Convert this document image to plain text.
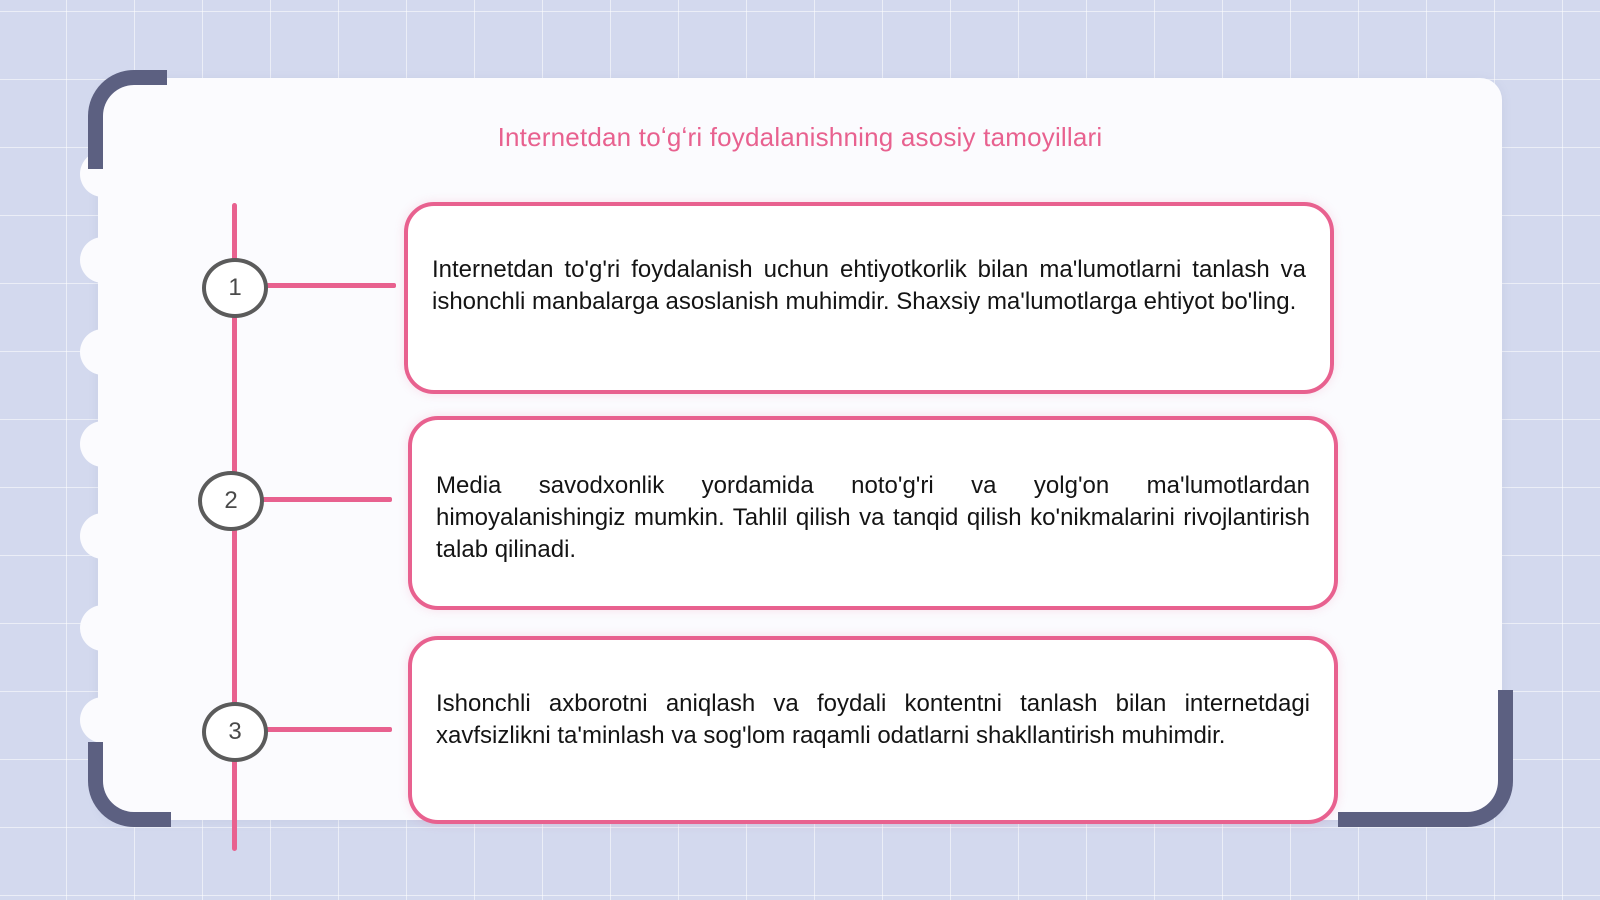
Internetdan toʻgʻri foydalanishning asosiy tamoyillari
1
Internetdan to'g'ri foydalanish uchun ehtiyotkorlik bilan ma'lumotlarni tanlash va ishonchli manbalarga asoslanish muhimdir. Shaxsiy ma'lumotlarga ehtiyot bo'ling.
2
Media savodxonlik yordamida noto'g'ri va yolg'on ma'lumotlardan himoyalanishingiz mumkin. Tahlil qilish va tanqid qilish ko'nikmalarini rivojlantirish talab qilinadi.
3
Ishonchli axborotni aniqlash va foydali kontentni tanlash bilan internetdagi xavfsizlikni ta'minlash va sog'lom raqamli odatlarni shakllantirish muhimdir.
